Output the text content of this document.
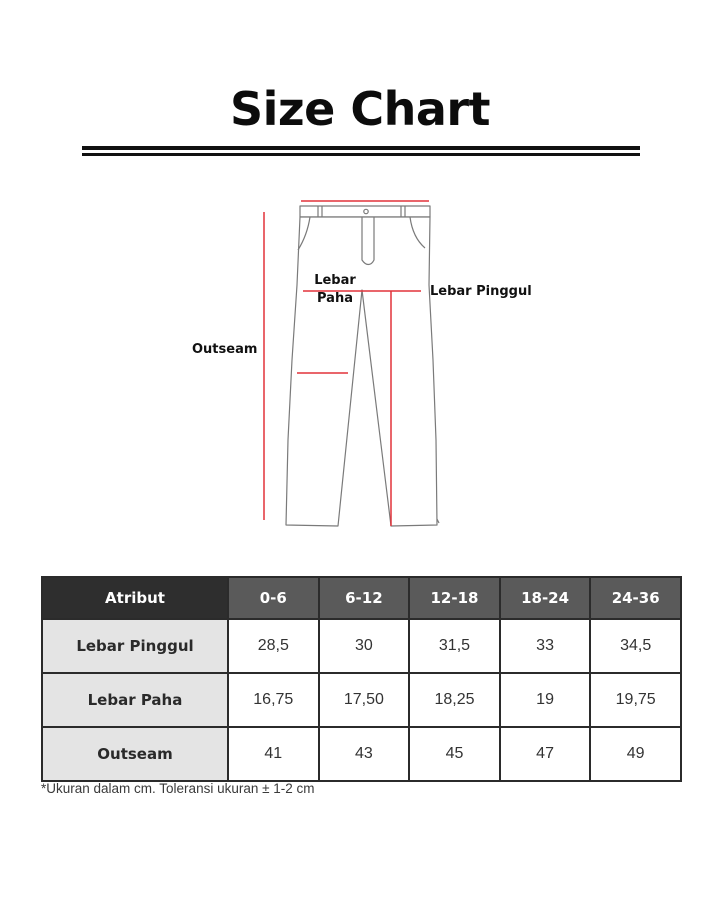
Size Chart
Lebar
Paha	Lebar Pinggul
Outseam
Atribut	0-6	6-12	12-18	18-24	24-36
Lebar Pinggul	28,5	30	31,5	33	34,5
Lebar Paha	16,75	17,50	18,25	19	19,75
Outseam	41	43	45	47	49
*Ukuran dalam cm. Toleransi ukuran ± 1-2 cm
